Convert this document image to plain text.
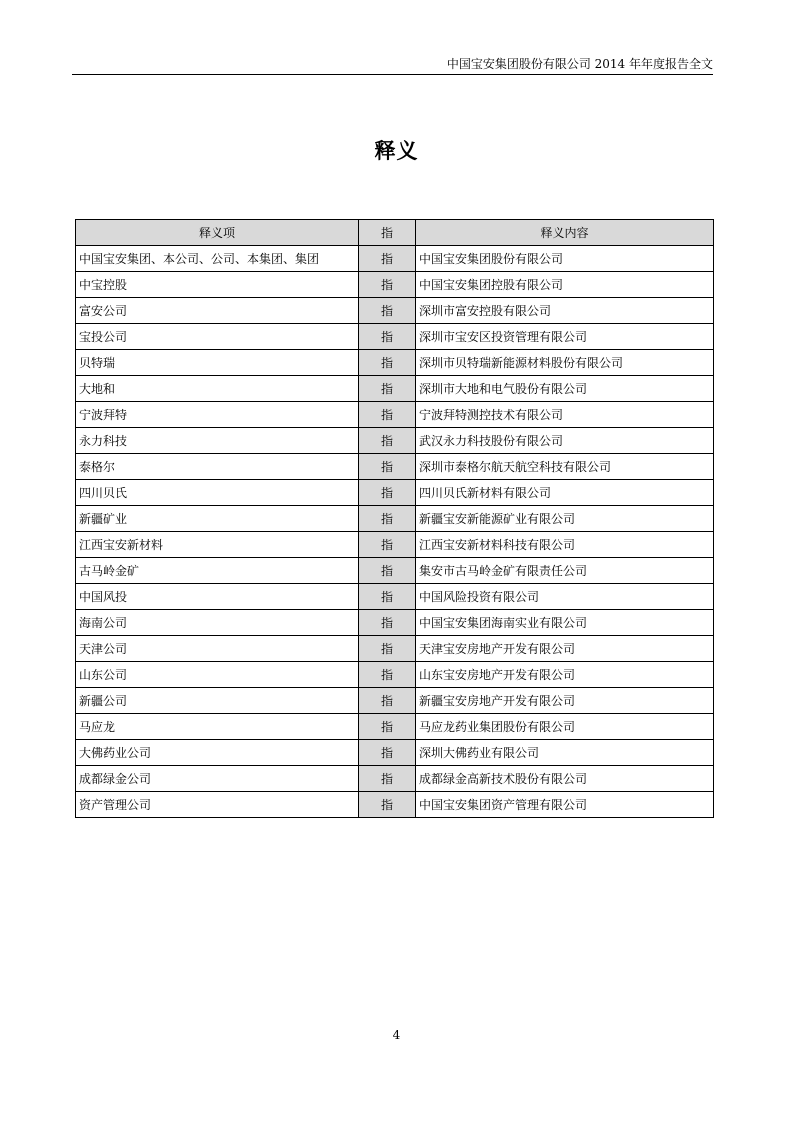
中国宝安集团股份有限公司 2014 年年度报告全文
释义
释义项	指	释义内容
中国宝安集团、本公司、公司、本集团、集团	指	中国宝安集团股份有限公司
中宝控股	指	中国宝安集团控股有限公司
富安公司	指	深圳市富安控股有限公司
宝投公司	指	深圳市宝安区投资管理有限公司
贝特瑞	指	深圳市贝特瑞新能源材料股份有限公司
大地和	指	深圳市大地和电气股份有限公司
宁波拜特	指	宁波拜特测控技术有限公司
永力科技	指	武汉永力科技股份有限公司
泰格尔	指	深圳市泰格尔航天航空科技有限公司
四川贝氏	指	四川贝氏新材料有限公司
新疆矿业	指	新疆宝安新能源矿业有限公司
江西宝安新材料	指	江西宝安新材料科技有限公司
古马岭金矿	指	集安市古马岭金矿有限责任公司
中国风投	指	中国风险投资有限公司
海南公司	指	中国宝安集团海南实业有限公司
天津公司	指	天津宝安房地产开发有限公司
山东公司	指	山东宝安房地产开发有限公司
新疆公司	指	新疆宝安房地产开发有限公司
马应龙	指	马应龙药业集团股份有限公司
大佛药业公司	指	深圳大佛药业有限公司
成都绿金公司	指	成都绿金高新技术股份有限公司
资产管理公司	指	中国宝安集团资产管理有限公司
4
